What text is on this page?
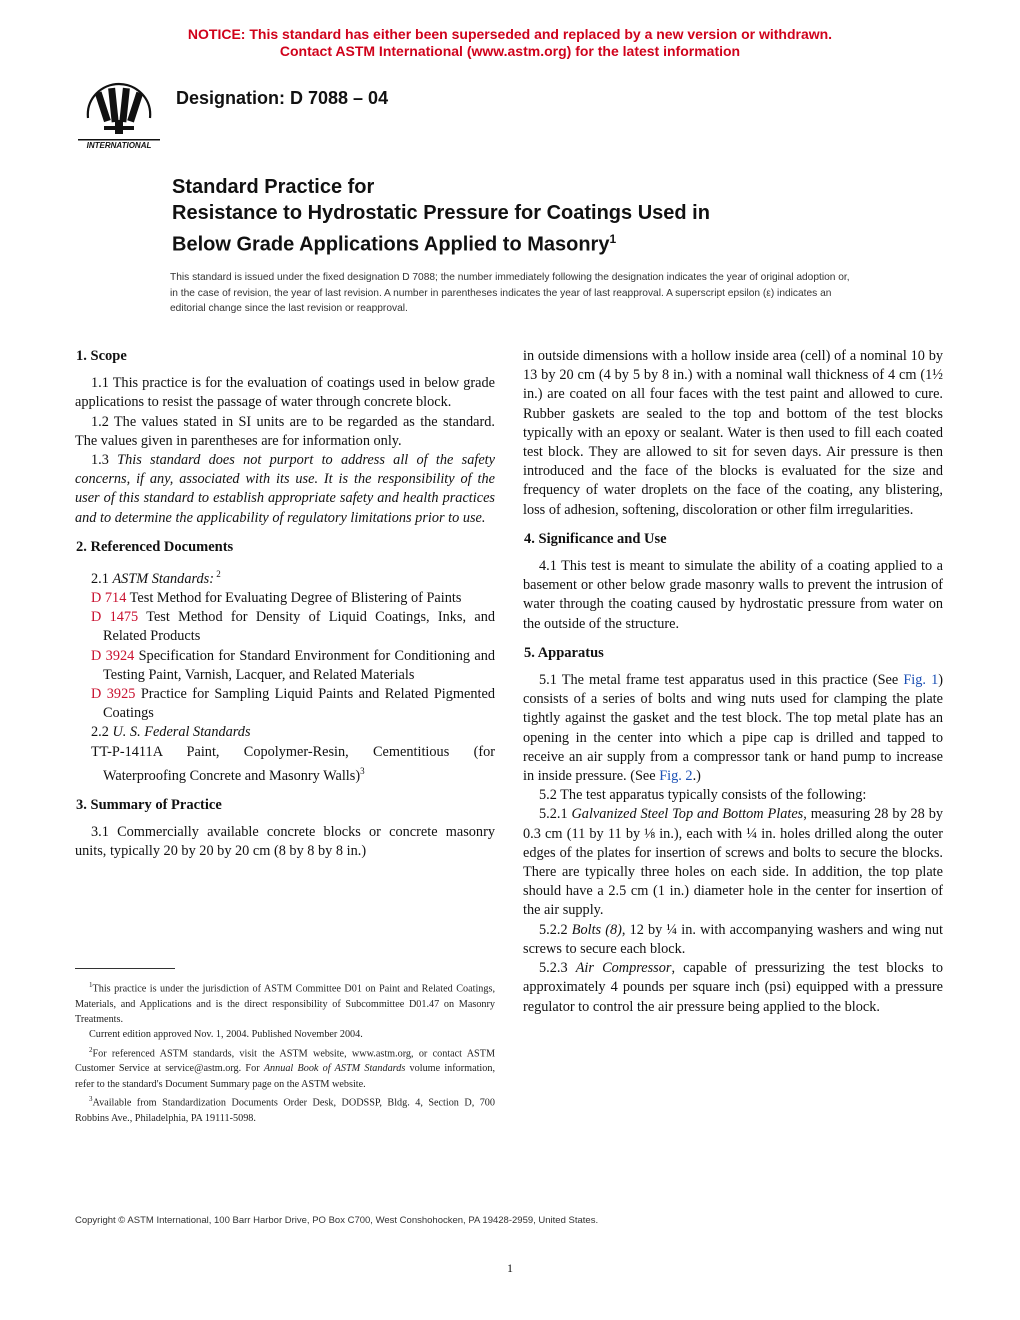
NOTICE: This standard has either been superseded and replaced by a new version or withdrawn.
Contact ASTM International (www.astm.org) for the latest information
INTERNATIONAL
Designation: D 7088 – 04
Standard Practice for
Resistance to Hydrostatic Pressure for Coatings Used in
Below Grade Applications Applied to Masonry$^1$
This standard is issued under the fixed designation D 7088; the number immediately following the designation indicates the year of original adoption or, in the case of revision, the year of last revision. A number in parentheses indicates the year of last reapproval. A superscript epsilon (ε) indicates an editorial change since the last revision or reapproval.
1. Scope

1.1 This practice is for the evaluation of coatings used in below grade applications to resist the passage of water through concrete block.

1.2 The values stated in SI units are to be regarded as the standard. The values given in parentheses are for information only.

1.3 This standard does not purport to address all of the safety concerns, if any, associated with its use. It is the responsibility of the user of this standard to establish appropriate safety and health practices and to determine the applicability of regulatory limitations prior to use.

2. Referenced Documents

2.1 ASTM Standards: $^2$

D 714 Test Method for Evaluating Degree of Blistering of Paints

D 1475 Test Method for Density of Liquid Coatings, Inks, and Related Products

D 3924 Specification for Standard Environment for Conditioning and Testing Paint, Varnish, Lacquer, and Related Materials

D 3925 Practice for Sampling Liquid Paints and Related Pigmented Coatings

2.2 U. S. Federal Standards

TT-P-1411A Paint, Copolymer-Resin, Cementitious (for Waterproofing Concrete and Masonry Walls)$^3$

3. Summary of Practice

3.1 Commercially available concrete blocks or concrete masonry units, typically 20 by 20 by 20 cm (8 by 8 by 8 in.)

in outside dimensions with a hollow inside area (cell) of a nominal 10 by 13 by 20 cm (4 by 5 by 8 in.) with a nominal wall thickness of 4 cm (1½ in.) are coated on all four faces with the test paint and allowed to cure. Rubber gaskets are sealed to the top and bottom of the test blocks typically with an epoxy or sealant. Water is then used to fill each coated test block. They are allowed to sit for seven days. Air pressure is then introduced and the face of the blocks is evaluated for the size and frequency of water droplets on the face of the coating, any blistering, loss of adhesion, softening, discoloration or other film irregularities.

4. Significance and Use

4.1 This test is meant to simulate the ability of a coating applied to a basement or other below grade masonry walls to prevent the intrusion of water through the coating caused by hydrostatic pressure from water on the outside of the structure.

5. Apparatus

5.1 The metal frame test apparatus used in this practice (See Fig. 1) consists of a series of bolts and wing nuts used for clamping the plate tightly against the gasket and the test block. The top metal plate has an opening in the center into which a pipe cap is drilled and tapped to receive an air supply from a compressor tank or hand pump to increase in inside pressure. (See Fig. 2.)

5.2 The test apparatus typically consists of the following:

5.2.1 Galvanized Steel Top and Bottom Plates, measuring 28 by 28 by 0.3 cm (11 by 11 by ⅛ in.), each with ¼ in. holes drilled along the outer edges of the plates for insertion of screws and bolts to secure the blocks. There are typically three holes on each side. In addition, the top plate should have a 2.5 cm (1 in.) diameter hole in the center for insertion of the air supply.

5.2.2 Bolts (8), 12 by ¼ in. with accompanying washers and wing nut screws to secure each block.

5.2.3 Air Compressor, capable of pressurizing the test blocks to approximately 4 pounds per square inch (psi) equipped with a pressure regulator to control the air pressure being applied to the block.

$^1$This practice is under the jurisdiction of ASTM Committee D01 on Paint and Related Coatings, Materials, and Applications and is the direct responsibility of Subcommittee D01.47 on Masonry Treatments.

Current edition approved Nov. 1, 2004. Published November 2004.

$^2$For referenced ASTM standards, visit the ASTM website, www.astm.org, or contact ASTM Customer Service at service@astm.org. For Annual Book of ASTM Standards volume information, refer to the standard's Document Summary page on the ASTM website.

$^3$Available from Standardization Documents Order Desk, DODSSP, Bldg. 4, Section D, 700 Robbins Ave., Philadelphia, PA 19111-5098.

Copyright © ASTM International, 100 Barr Harbor Drive, PO Box C700, West Conshohocken, PA 19428-2959, United States.
1
